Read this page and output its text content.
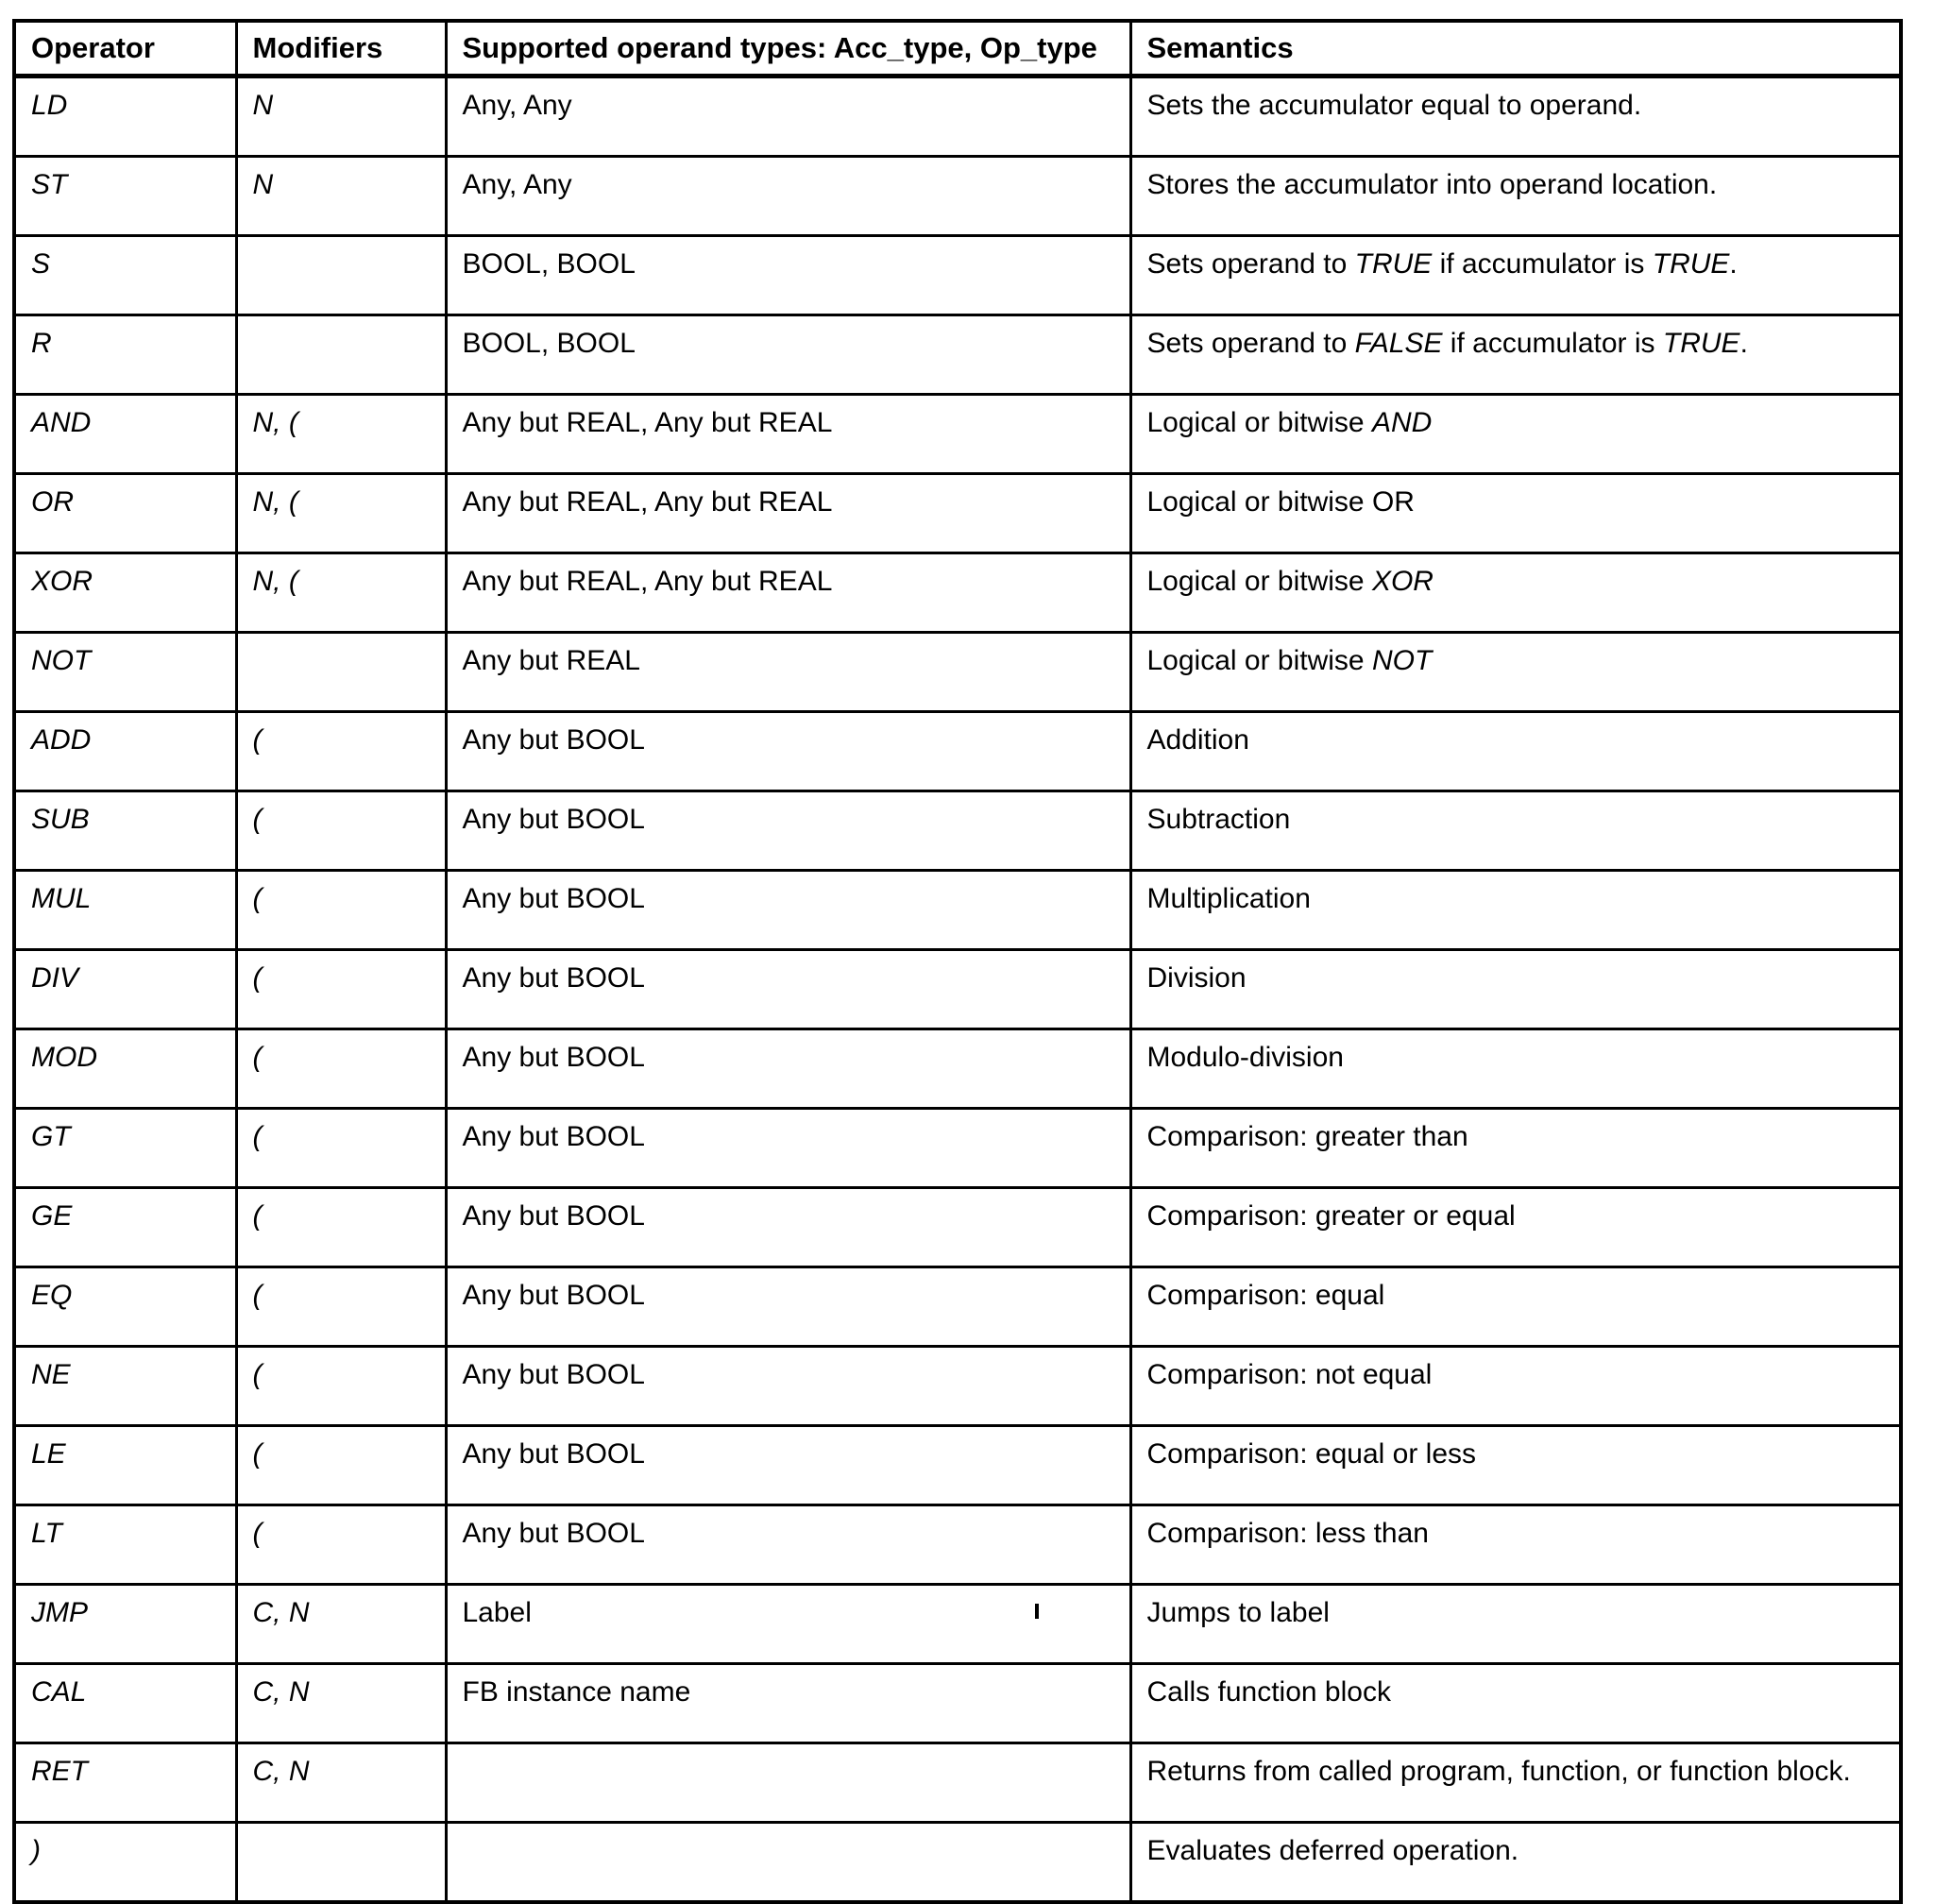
Operator	Modifiers	Supported operand types: Acc_type, Op_type	Semantics
LD	N	Any, Any	Sets the accumulator equal to operand.
ST	N	Any, Any	Stores the accumulator into operand location.
S		BOOL, BOOL	Sets operand to TRUE if accumulator is TRUE.
R		BOOL, BOOL	Sets operand to FALSE if accumulator is TRUE.
AND	N, (	Any but REAL, Any but REAL	Logical or bitwise AND
OR	N, (	Any but REAL, Any but REAL	Logical or bitwise OR
XOR	N, (	Any but REAL, Any but REAL	Logical or bitwise XOR
NOT		Any but REAL	Logical or bitwise NOT
ADD	(	Any but BOOL	Addition
SUB	(	Any but BOOL	Subtraction
MUL	(	Any but BOOL	Multiplication
DIV	(	Any but BOOL	Division
MOD	(	Any but BOOL	Modulo-division
GT	(	Any but BOOL	Comparison: greater than
GE	(	Any but BOOL	Comparison: greater or equal
EQ	(	Any but BOOL	Comparison: equal
NE	(	Any but BOOL	Comparison: not equal
LE	(	Any but BOOL	Comparison: equal or less
LT	(	Any but BOOL	Comparison: less than
JMP	C, N	Label	Jumps to label
CAL	C, N	FB instance name	Calls function block
RET	C, N		Returns from called program, function, or function block.
)			Evaluates deferred operation.
